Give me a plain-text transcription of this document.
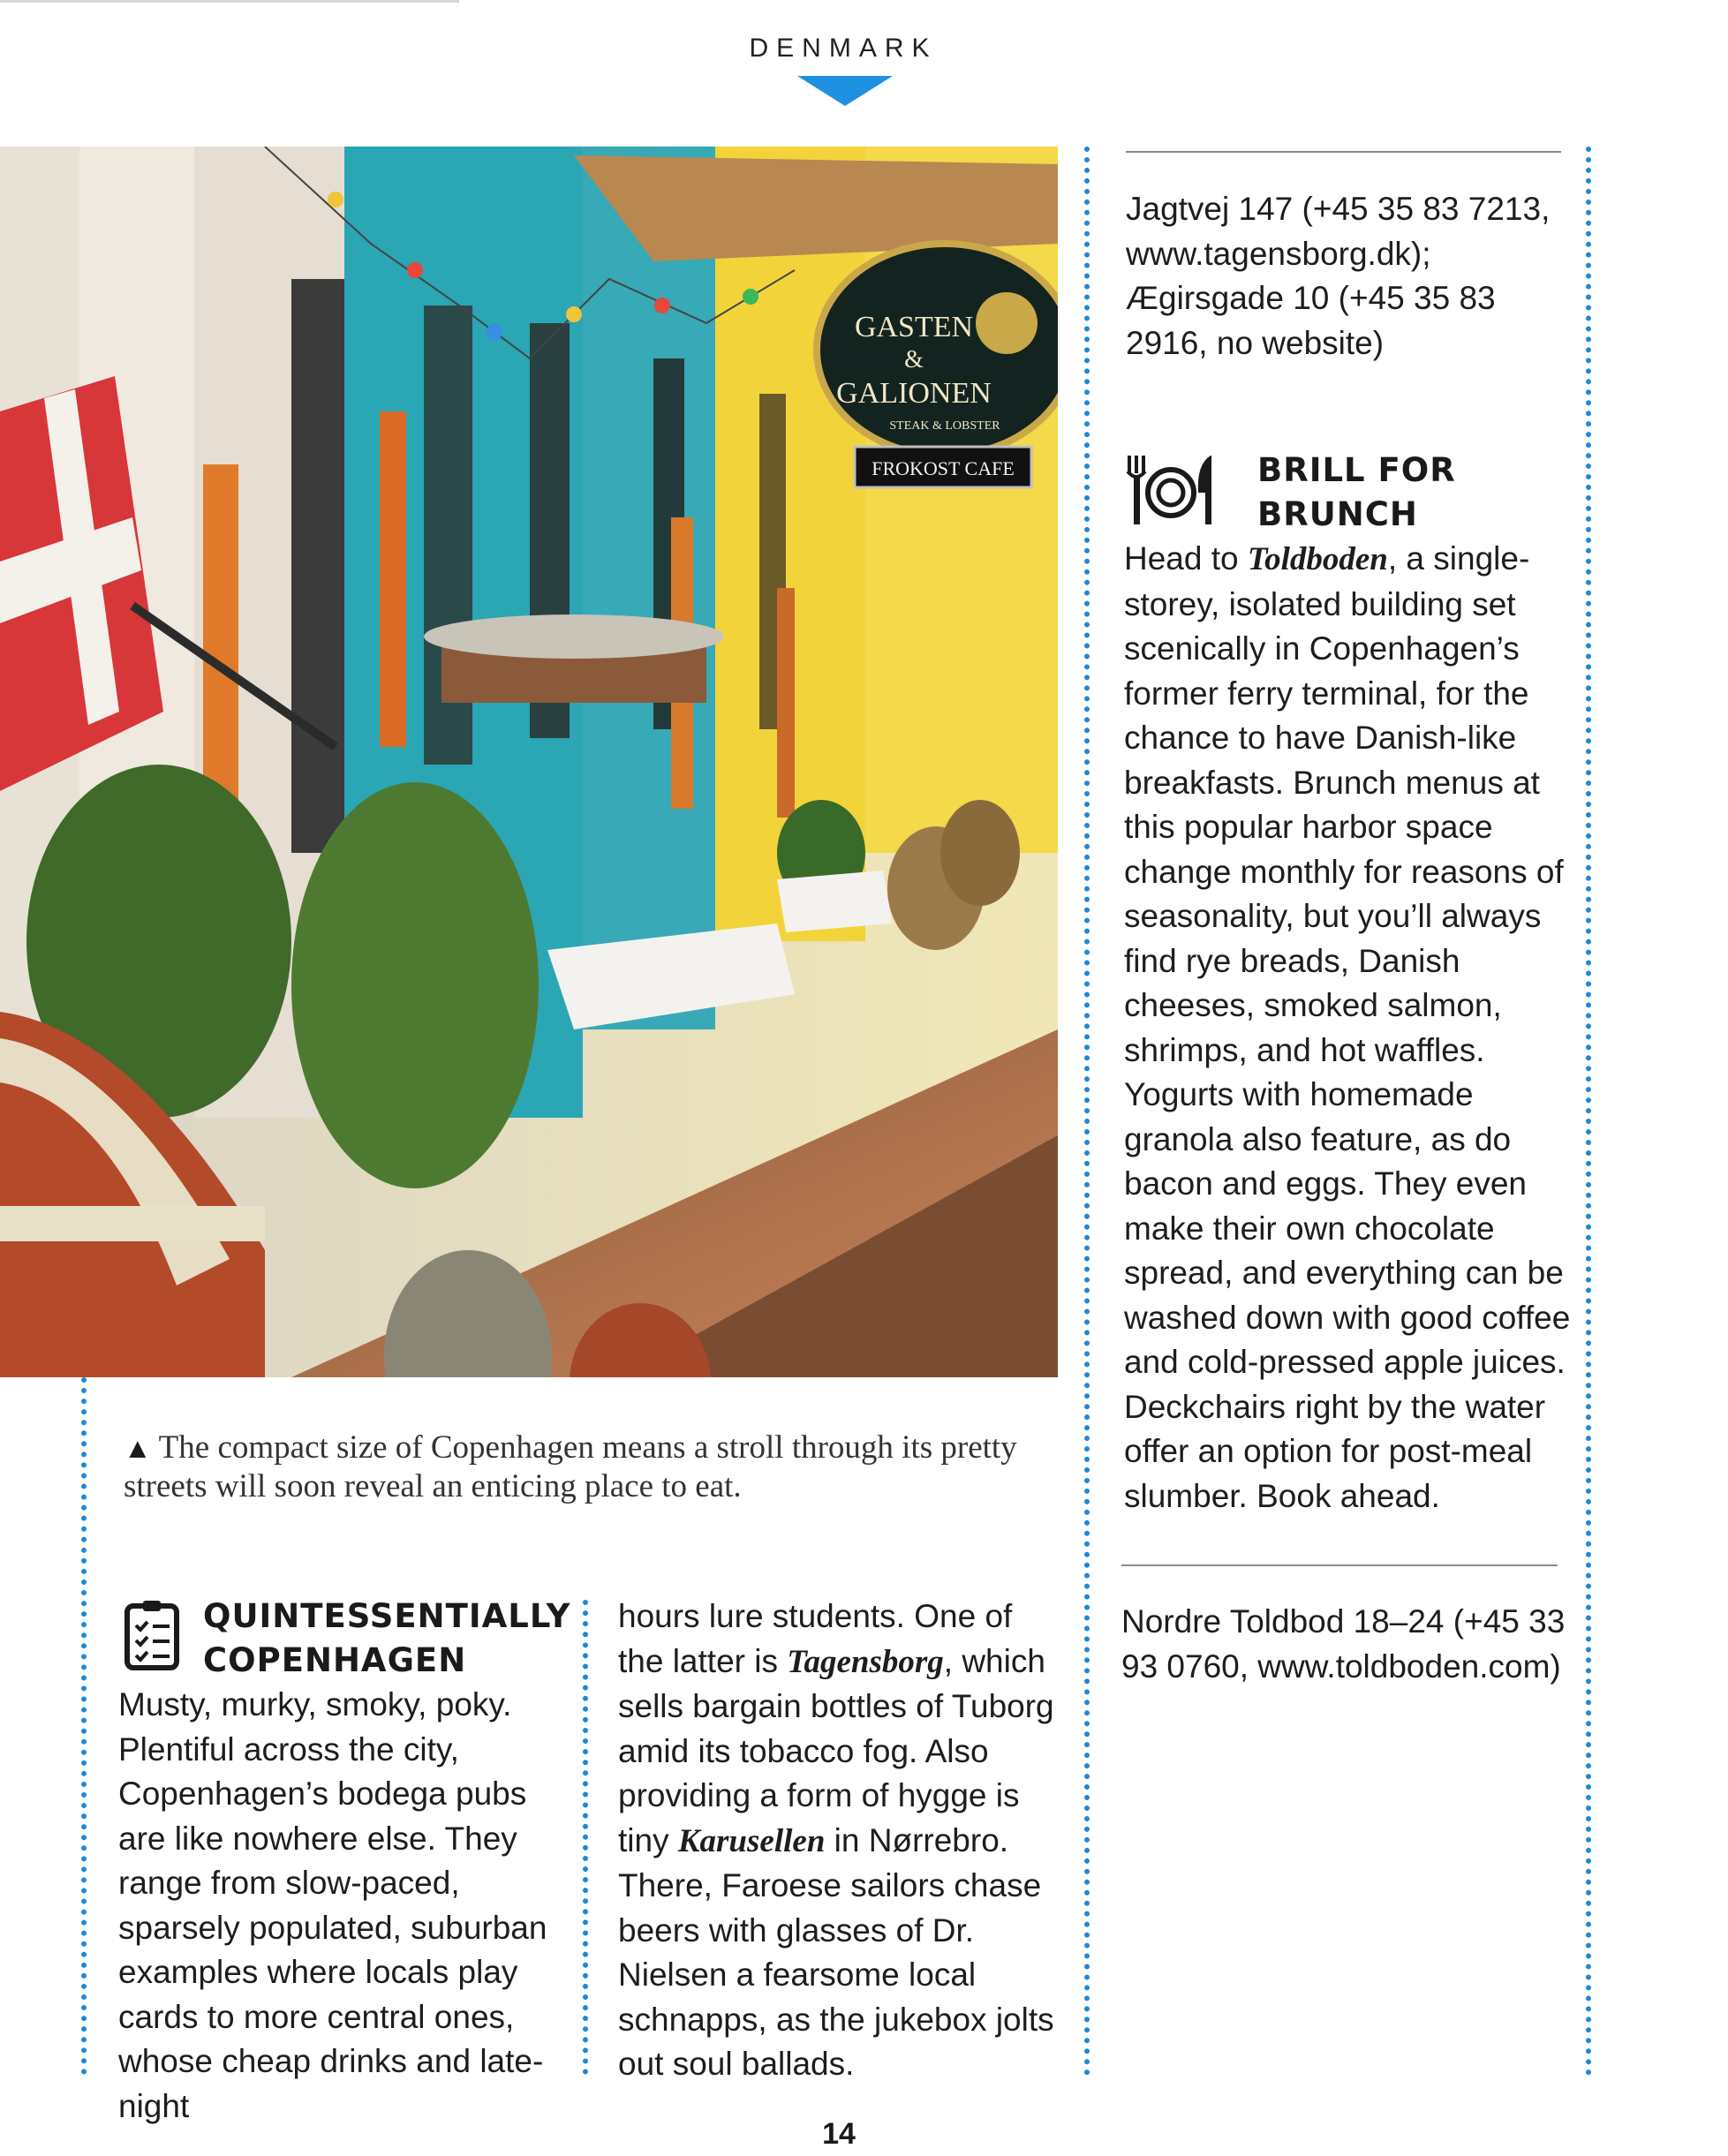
DENMARK
GASTEN
&
GALIONEN
STEAK & LOBSTER
FROKOST CAFE
▲ The compact size of Copenhagen means a stroll through its pretty streets will soon reveal an enticing place to eat.
QUINTESSENTIALLY
COPENHAGEN
Musty, murky, smoky, poky. Plentiful across the city, Copenhagen’s bodega pubs are like nowhere else. They range from slow-paced, sparsely populated, suburban examples where locals play cards to more central ones, whose cheap drinks and late-night
hours lure students. One of the latter is Tagensborg, which sells bargain bottles of Tuborg amid its tobacco fog. Also providing a form of hygge is tiny Karusellen in Nørrebro. There, Faroese sailors chase beers with glasses of Dr. Nielsen a fearsome local schnapps, as the jukebox jolts out soul ballads.
Jagtvej 147 (+45 35 83 7213, www.tagensborg.dk); Ægirsgade 10 (+45 35 83 2916, no website)
BRILL FOR
BRUNCH
Head to Toldboden, a single-storey, isolated building set scenically in Copenhagen’s former ferry terminal, for the chance to have Danish-like breakfasts. Brunch menus at this popular harbor space change monthly for reasons of seasonality, but you’ll always find rye breads, Danish cheeses, smoked salmon, shrimps, and hot waffles. Yogurts with homemade granola also feature, as do bacon and eggs. They even make their own chocolate spread, and everything can be washed down with good coffee and cold-pressed apple juices. Deckchairs right by the water offer an option for post-meal slumber. Book ahead.
Nordre Toldbod 18–24 (+45 33 93 0760, www.toldboden.com)
14
